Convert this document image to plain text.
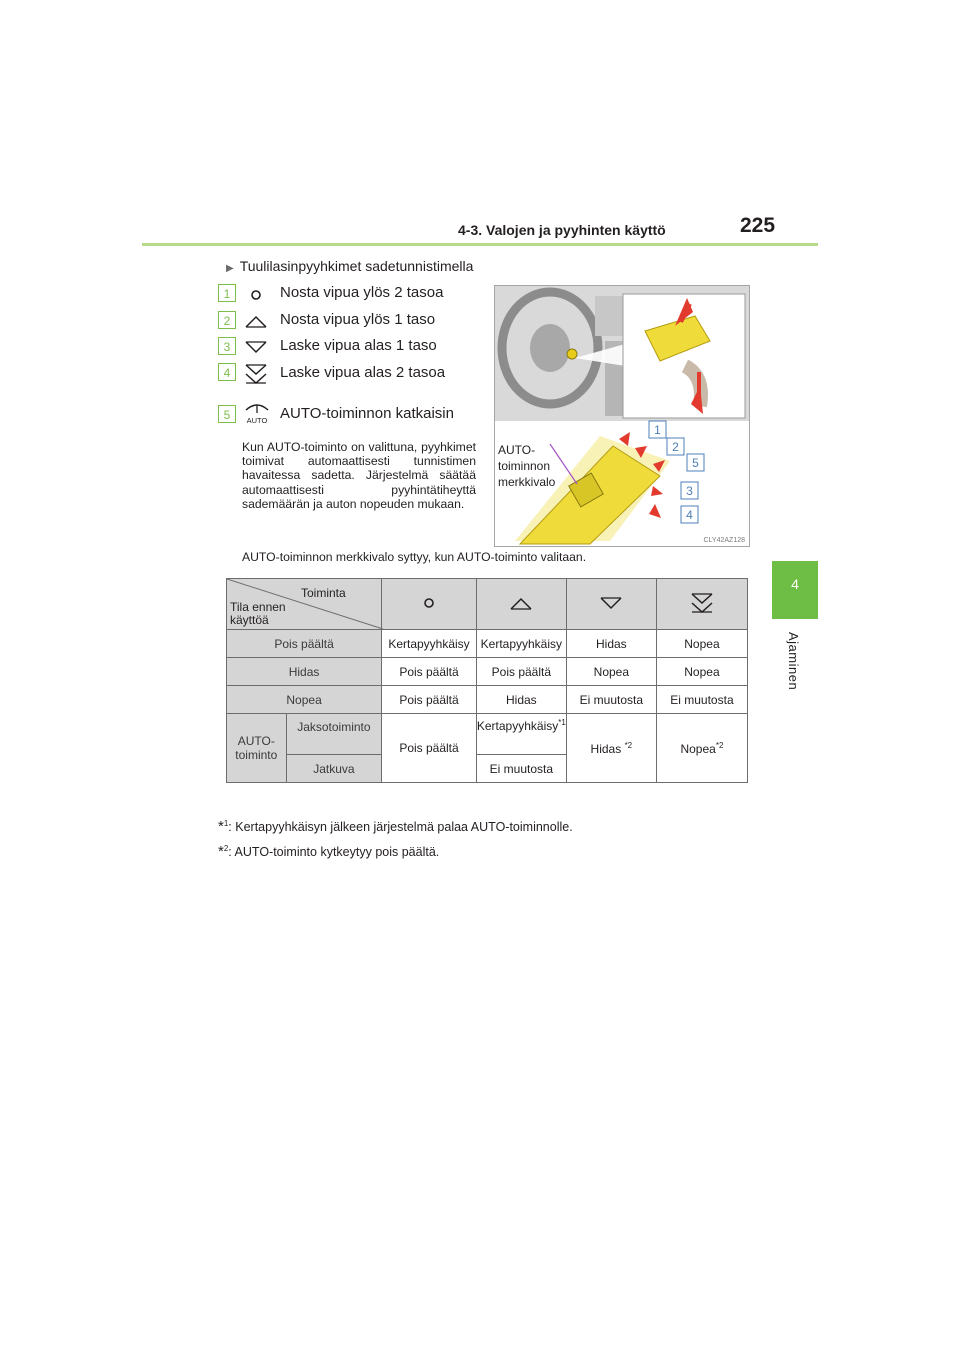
4-3. Valojen ja pyyhinten käyttö	225
4
Ajaminen
▶ Tuulilasinpyyhkimet sadetunnistimella
1	Nosta vipua ylös 2 tasoa
2	Nosta vipua ylös 1 taso
3	Laske vipua alas 1 taso
4	Laske vipua alas 2 tasoa
5	AUTO AUTO-toiminnon katkaisin
Kun AUTO-toiminto on valittuna, pyyhkimet toimivat automaattisesti tunnistimen havaitessa sadetta. Järjestelmä säätää automaattisesti pyyhintätiheyttä sademäärän ja auton nopeuden mukaan.
AUTO-toiminnon merkkivalo syttyy, kun AUTO-toiminto valitaan.
AUTO-
toiminnon
merkkivalo
1
2
5
3
4
CLY42AZ128
Toiminta
Tila ennen
käyttöä

Pois päältä		Kertapyyhkäisy	Kertapyyhkäisy	Hidas	Nopea
Hidas		Pois päältä	Pois päältä	Nopea	Nopea
Nopea		Pois päältä	Hidas	Ei muutosta	Ei muutosta
AUTO-
toiminto	Jaksotoiminto	Pois päältä	Kertapyyhkäisy$^{*1}$	Hidas $^{*2}$	Nopea$^{*2}$
	Jatkuva		Ei muutosta		
*$^1$: Kertapyyhkäisyn jälkeen järjestelmä palaa AUTO-toiminnolle.
*$^2$: AUTO-toiminto kytkeytyy pois päältä.
